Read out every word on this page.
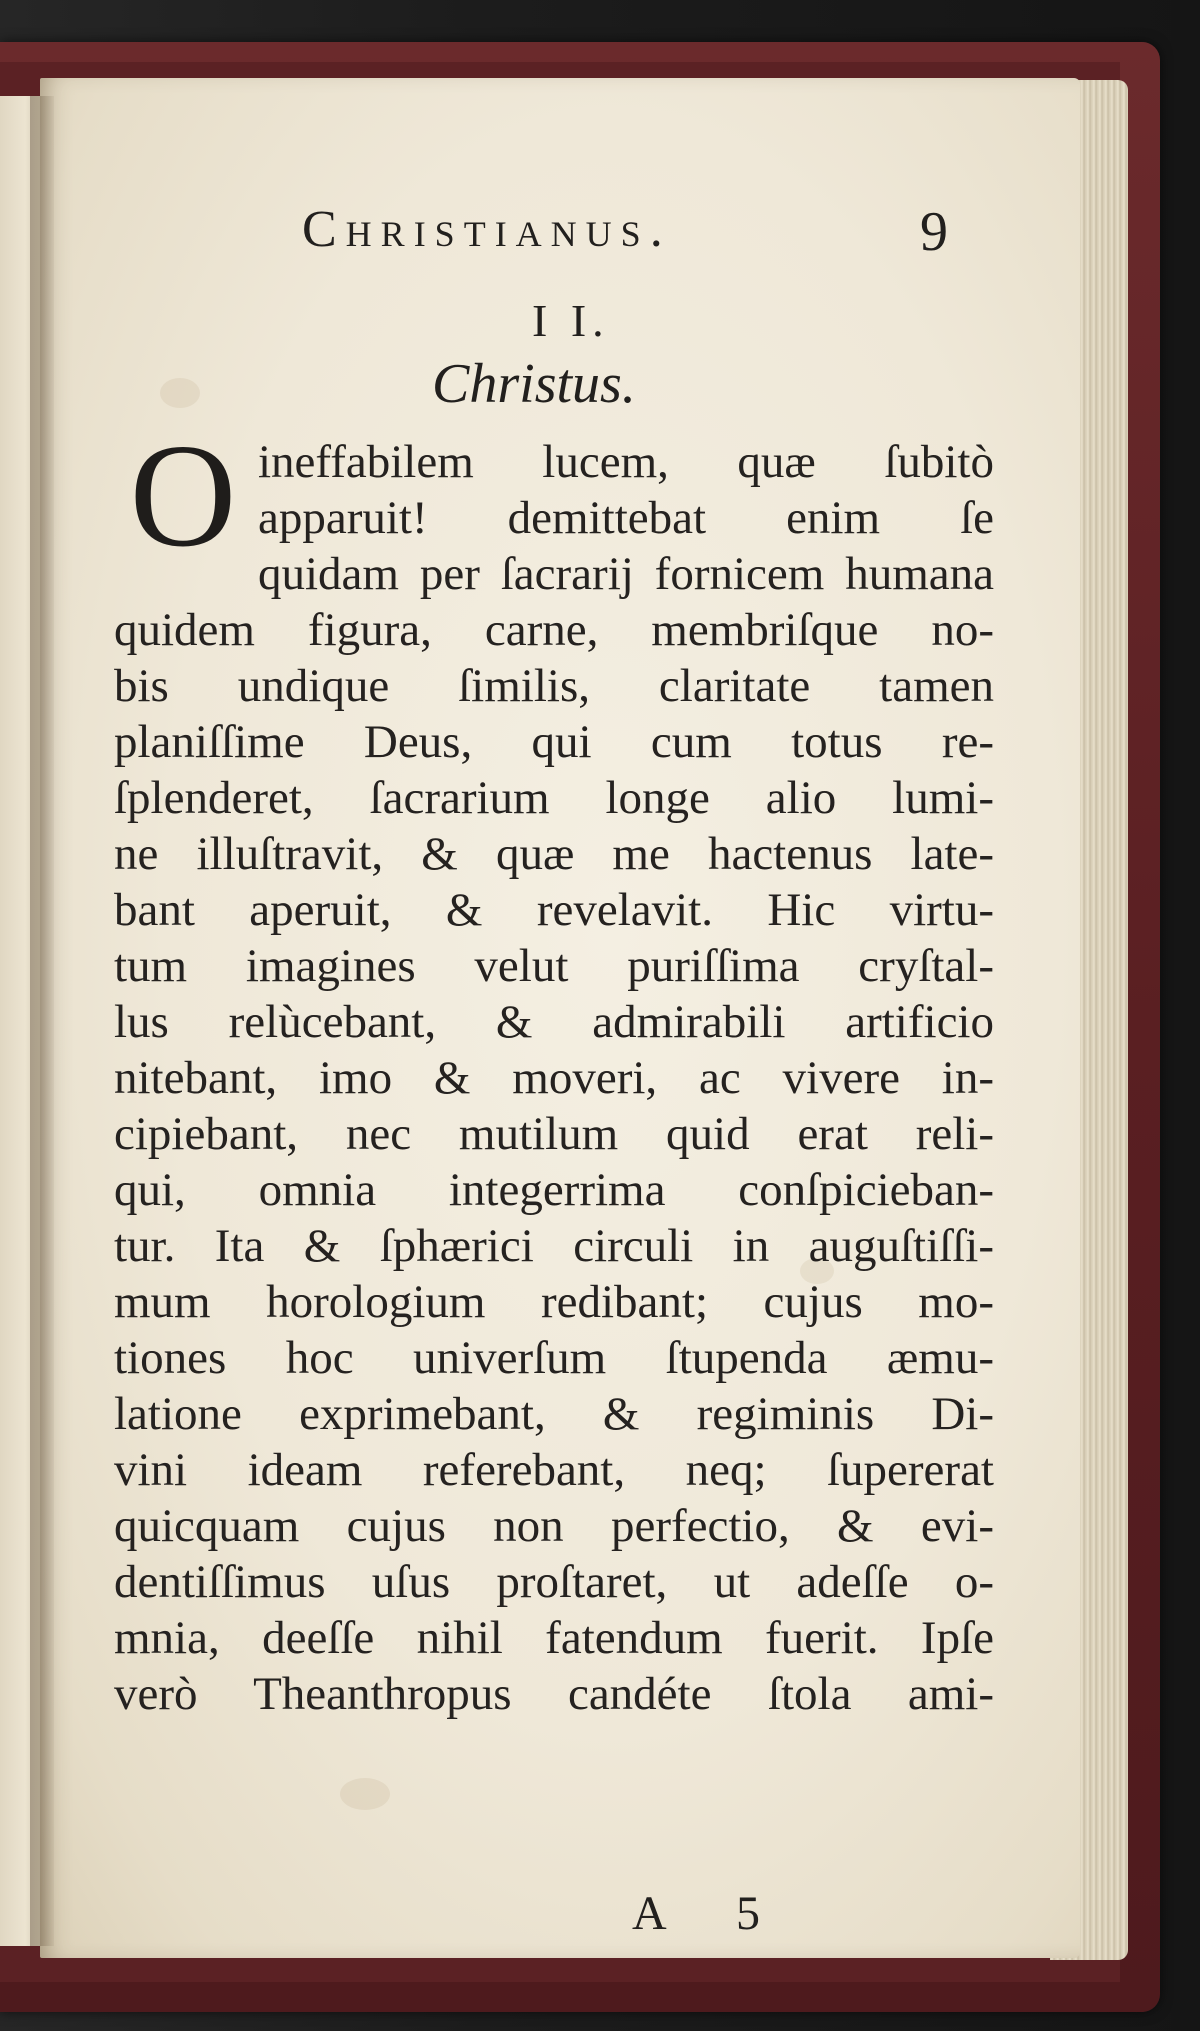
Christianus.	9
I I.
Christus.
O ineffabilem lucem, quæ ſubitò
apparuit! demittebat enim ſe
quidam per ſacrarij fornicem humana
quidem figura, carne, membriſque no-
bis undique ſimilis, claritate tamen
planiſſime Deus, qui cum totus re-
ſplenderet, ſacrarium longe alio lumi-
ne illuſtravit, & quæ me hactenus late-
bant aperuit, & revelavit. Hic virtu-
tum imagines velut puriſſima cryſtal-
lus relùcebant, & admirabili artificio
nitebant, imo & moveri, ac vivere in-
cipiebant, nec mutilum quid erat reli-
qui, omnia integerrima conſpicieban-
tur. Ita & ſphærici circuli in auguſtiſſi-
mum horologium redibant; cujus mo-
tiones hoc univerſum ſtupenda æmu-
latione exprimebant, & regiminis Di-
vini ideam referebant, neq; ſupererat
quicquam cujus non perfectio, & evi-
dentiſſimus uſus proſtaret, ut adeſſe o-
mnia, deeſſe nihil fatendum fuerit. Ipſe
verò Theanthropus candéte ſtola ami-
A 5
